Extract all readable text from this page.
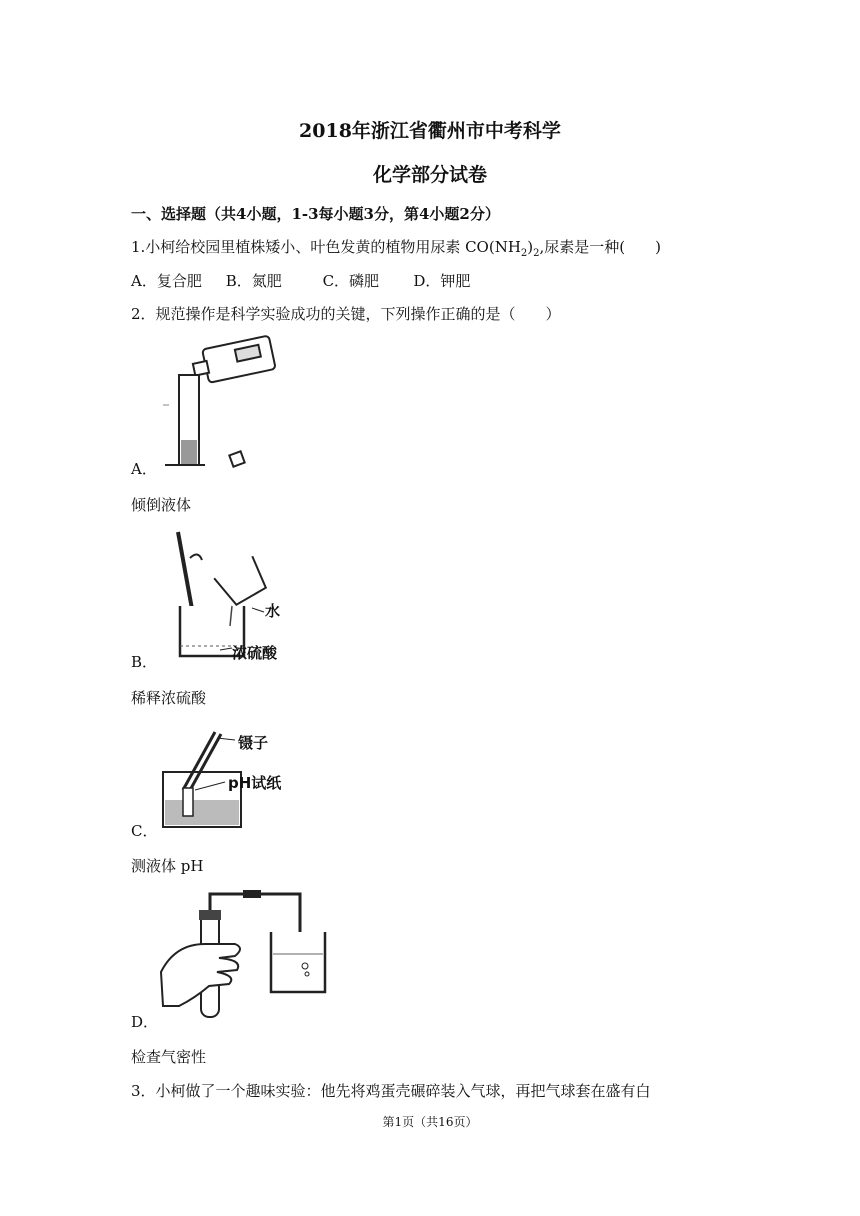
2018年浙江省衢州市中考科学
化学部分试卷
一、选择题（共4小题，1-3每小题3分，第4小题2分）
1.小柯给校园里植株矮小、叶色发黄的植物用尿素 $CO(NH_2)_2$,尿素是一种(　　)
A．复合肥 B．氮肥	C．磷肥 D．钾肥
2．规范操作是科学实验成功的关键，下列操作正确的是（　　）
A．
倾倒液体
B．
水
浓硫酸
稀释浓硫酸
C．
镊子
pH试纸
测液体 pH
D．
检查气密性
3．小柯做了一个趣味实验：他先将鸡蛋壳碾碎装入气球，再把气球套在盛有白
第1页（共16页）
